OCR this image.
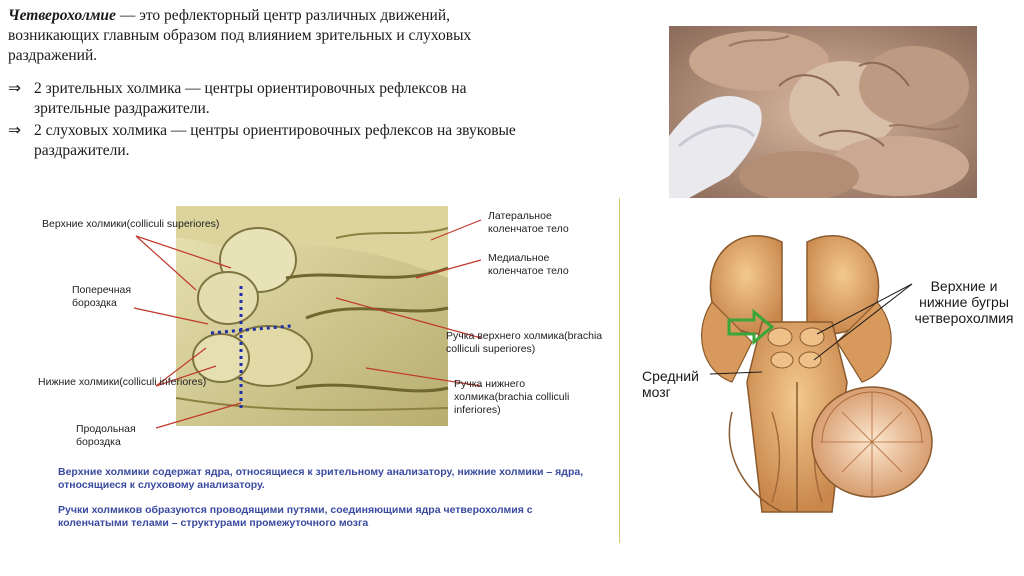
Четверохолмие — это рефлекторный центр различных движений, возникающих главным образом под влиянием зрительных и слуховых раздражений.
⇒ 2 зрительных холмика — центры ориентировочных рефлексов на зрительные раздражители.
⇒ 2 слуховых холмика — центры ориентировочных рефлексов на звуковые раздражители.
Верхние холмики(colliculi superiores)
Поперечная бороздка
Нижние холмики(colliculi inferiores)
Продольная бороздка
Латеральное коленчатое тело
Медиальное коленчатое тело
Ручка верхнего холмика(brachia colliculi superiores)
Ручка нижнего холмика(brachia colliculi inferiores)
Верхние холмики содержат ядра, относящиеся к зрительному анализатору, нижние холмики – ядра, относящиеся к слуховому анализатору.
Ручки холмиков образуются проводящими путями, соединяющими ядра четверохолмия с коленчатыми телами – структурами промежуточного мозга
Верхние и нижние бугры четверохолмия
Средний мозг
